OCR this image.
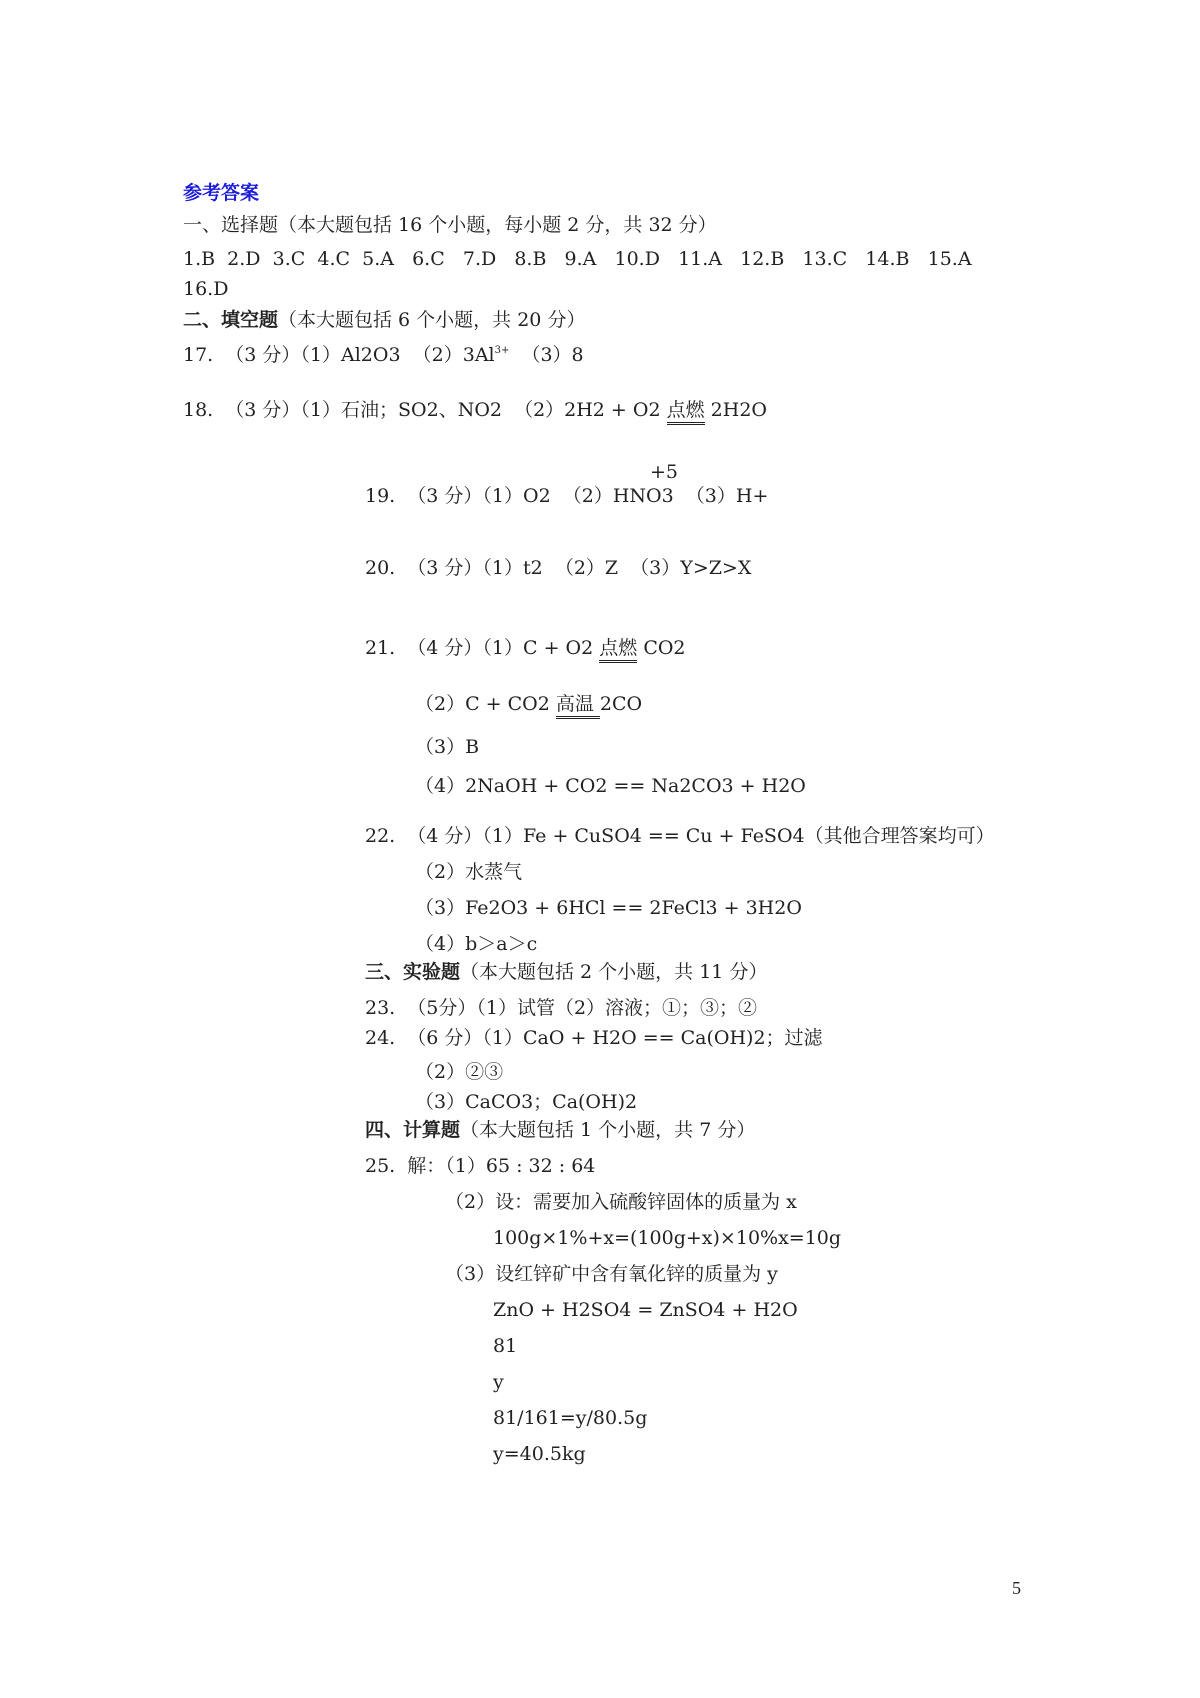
参考答案
一、选择题（本大题包括 16 个小题，每小题 2 分，共 32 分）
1.B  2.D  3.C  4.C  5.A   6.C   7.D   8.B   9.A   10.D   11.A   12.B   13.C   14.B   15.A
16.D
二、填空题（本大题包括 6 个小题，共 20 分）
17.  （3 分）（1）Al2O3  $(2)3Al^{3+}$  （3）8
18.  （3 分）（1）石油；SO2、NO2  （2）2H2 + O2 点燃 2H2O
+5
19.  （3 分）（1）O2  （2）HNO3  （3）H+
20.  （3 分）（1）t2  （2）Z  （3）Y>Z>X
21.  （4 分）（1）C + O2 点燃 CO2
（2）C + CO2 高温 2CO
（3）B
（4）2NaOH + CO2 == Na2CO3 + H2O
22.  （4 分）（1）Fe + CuSO4 == Cu + FeSO4（其他合理答案均可）
（2）水蒸气
（3）Fe2O3 + 6HCl == 2FeCl3 + 3H2O
（4）b＞a＞c
三、实验题（本大题包括 2 个小题，共 11 分）
23.  （5分）（1）试管（2）溶液；①；③；②
24.  （6 分）（1）CaO + H2O == Ca(OH)2；过滤
（2）②③
（3）CaCO3；Ca(OH)2
四、计算题（本大题包括 1 个小题，共 7 分）
25.  解：（1）65 : 32 : 64
（2）设：需要加入硫酸锌固体的质量为 x
100g×1%+x=(100g+x)×10%x=10g
（3）设红锌矿中含有氧化锌的质量为 y
ZnO + H2SO4 = ZnSO4 + H2O
81
y
81/161=y/80.5g
y=40.5kg
5
